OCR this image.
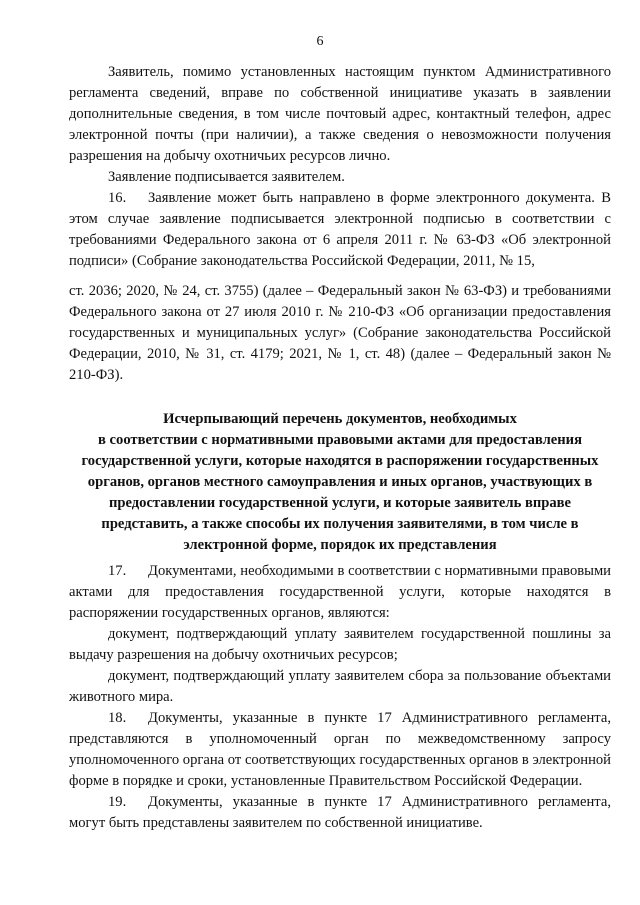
6

Заявитель, помимо установленных настоящим пунктом Административного регламента сведений, вправе по собственной инициативе указать в заявлении дополнительные сведения, в том числе почтовый адрес, контактный телефон, адрес электронной почты (при наличии), а также сведения о невозможности получения разрешения на добычу охотничьих ресурсов лично.

Заявление подписывается заявителем.

16. Заявление может быть направлено в форме электронного документа. В этом случае заявление подписывается электронной подписью в соответствии с требованиями Федерального закона от 6 апреля 2011 г. № 63-ФЗ «Об электронной подписи» (Собрание законодательства Российской Федерации, 2011, № 15,

ст. 2036; 2020, № 24, ст. 3755) (далее – Федеральный закон № 63-ФЗ) и требованиями Федерального закона от 27 июля 2010 г. № 210-ФЗ «Об организации предоставления государственных и муниципальных услуг» (Собрание законодательства Российской Федерации, 2010, № 31, ст. 4179; 2021, № 1, ст. 48) (далее – Федеральный закон № 210-ФЗ).

Исчерпывающий перечень документов, необходимых
в соответствии с нормативными правовыми актами для предоставления
государственной услуги, которые находятся в распоряжении государственных
органов, органов местного самоуправления и иных органов, участвующих в
предоставлении государственной услуги, и которые заявитель вправе
представить, а также способы их получения заявителями, в том числе в
электронной форме, порядок их представления

17. Документами, необходимыми в соответствии с нормативными правовыми актами для предоставления государственной услуги, которые находятся в распоряжении государственных органов, являются:

документ, подтверждающий уплату заявителем государственной пошлины за выдачу разрешения на добычу охотничьих ресурсов;

документ, подтверждающий уплату заявителем сбора за пользование объектами животного мира.

18. Документы, указанные в пункте 17 Административного регламента, представляются в уполномоченный орган по межведомственному запросу уполномоченного органа от соответствующих государственных органов в электронной форме в порядке и сроки, установленные Правительством Российской Федерации.

19. Документы, указанные в пункте 17 Административного регламента, могут быть представлены заявителем по собственной инициативе.
